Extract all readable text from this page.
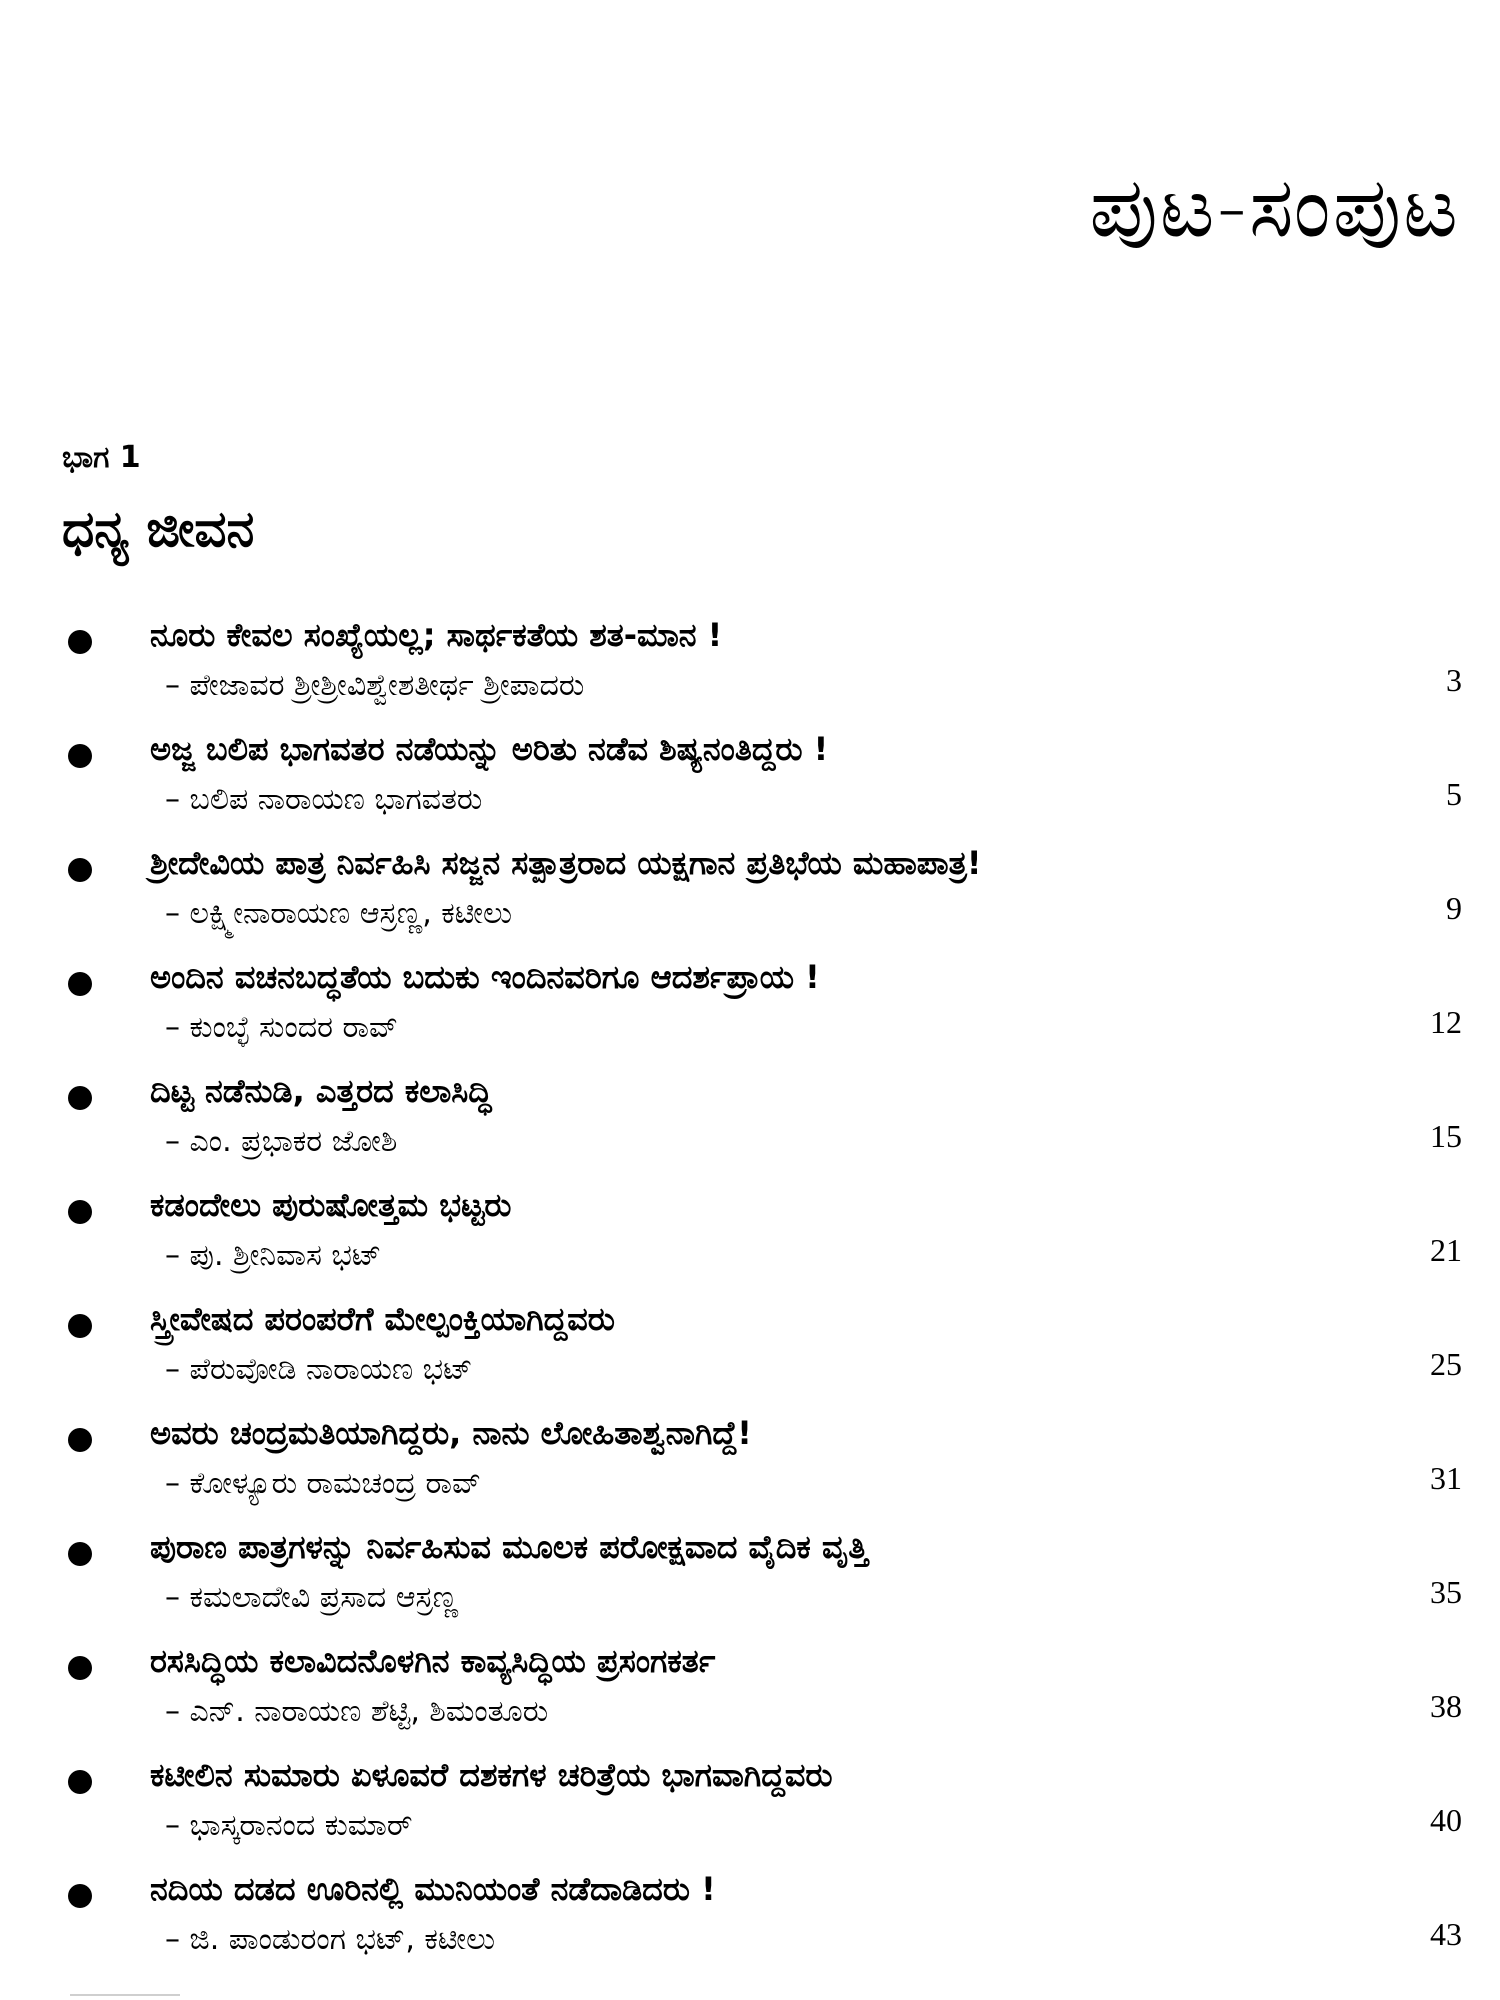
ಪುಟ-ಸಂಪುಟ
ಭಾಗ 1
ಧನ್ಯ ಜೀವನ
ನೂರು ಕೇವಲ ಸಂಖ್ಯೆಯಲ್ಲ; ಸಾರ್ಥಕತೆಯ ಶತ-ಮಾನ !
– ಪೇಜಾವರ ಶ್ರೀಶ್ರೀವಿಶ್ವೇಶತೀರ್ಥ ಶ್ರೀಪಾದರು	3
ಅಜ್ಜ ಬಲಿಪ ಭಾಗವತರ ನಡೆಯನ್ನು ಅರಿತು ನಡೆವ ಶಿಷ್ಯನಂತಿದ್ದರು !
– ಬಲಿಪ ನಾರಾಯಣ ಭಾಗವತರು	5
ಶ್ರೀದೇವಿಯ ಪಾತ್ರ ನಿರ್ವಹಿಸಿ ಸಜ್ಜನ ಸತ್ಪಾತ್ರರಾದ ಯಕ್ಷಗಾನ ಪ್ರತಿಭೆಯ ಮಹಾಪಾತ್ರ!
– ಲಕ್ಷ್ಮೀನಾರಾಯಣ ಆಸ್ರಣ್ಣ, ಕಟೀಲು	9
ಅಂದಿನ ವಚನಬದ್ಧತೆಯ ಬದುಕು ಇಂದಿನವರಿಗೂ ಆದರ್ಶಪ್ರಾಯ !
– ಕುಂಬ್ಳೆ ಸುಂದರ ರಾವ್	12
ದಿಟ್ಟ ನಡೆನುಡಿ, ಎತ್ತರದ ಕಲಾಸಿದ್ಧಿ
– ಎಂ. ಪ್ರಭಾಕರ ಜೋಶಿ	15
ಕಡಂದೇಲು ಪುರುಷೋತ್ತಮ ಭಟ್ಟರು
– ಪು. ಶ್ರೀನಿವಾಸ ಭಟ್	21
ಸ್ತ್ರೀವೇಷದ ಪರಂಪರೆಗೆ ಮೇಲ್ಪಂಕ್ತಿಯಾಗಿದ್ದವರು
– ಪೆರುವೋಡಿ ನಾರಾಯಣ ಭಟ್	25
ಅವರು ಚಂದ್ರಮತಿಯಾಗಿದ್ದರು, ನಾನು ಲೋಹಿತಾಶ್ವನಾಗಿದ್ದೆ!
– ಕೋಳ್ಯೂರು ರಾಮಚಂದ್ರ ರಾವ್	31
ಪುರಾಣ ಪಾತ್ರಗಳನ್ನು ನಿರ್ವಹಿಸುವ ಮೂಲಕ ಪರೋಕ್ಷವಾದ ವೈದಿಕ ವೃತ್ತಿ
– ಕಮಲಾದೇವಿ ಪ್ರಸಾದ ಆಸ್ರಣ್ಣ	35
ರಸಸಿದ್ಧಿಯ ಕಲಾವಿದನೊಳಗಿನ ಕಾವ್ಯಸಿದ್ಧಿಯ ಪ್ರಸಂಗಕರ್ತ
– ಎನ್. ನಾರಾಯಣ ಶೆಟ್ಟಿ, ಶಿಮಂತೂರು	38
ಕಟೀಲಿನ ಸುಮಾರು ಏಳೂವರೆ ದಶಕಗಳ ಚರಿತ್ರೆಯ ಭಾಗವಾಗಿದ್ದವರು
– ಭಾಸ್ಕರಾನಂದ ಕುಮಾರ್	40
ನದಿಯ ದಡದ ಊರಿನಲ್ಲಿ ಮುನಿಯಂತೆ ನಡೆದಾಡಿದರು !
– ಜಿ. ಪಾಂಡುರಂಗ ಭಟ್, ಕಟೀಲು	43
